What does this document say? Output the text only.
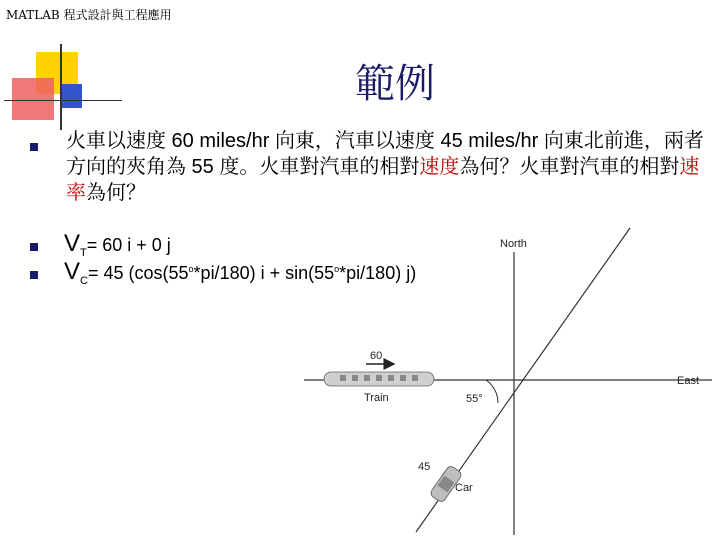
MATLAB 程式設計與工程應用
範例
火車以速度 60 miles/hr 向東，汽車以速度 45 miles/hr 向東北前進，兩者方向的夾角為 55 度。火車對汽車的相對速度為何？火車對汽車的相對速率為何？
$V_T= 60$ i + 0 j
$V_C= 45$ (cos(55$^o$*pi/180) $i + \sin(55^o*pi/180)$ j)
North
East
60
Train	55°
45
Car
